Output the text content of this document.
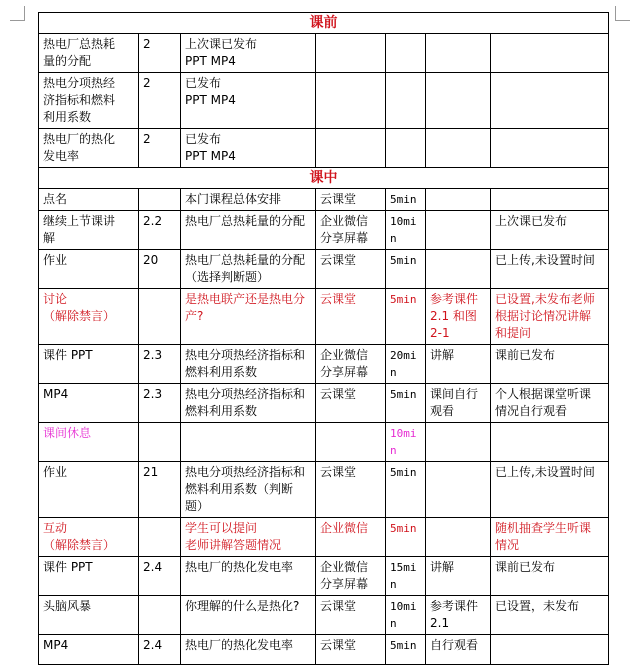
课前						

热电厂总热耗
量的分配	2	上次课已发布
PPT MP4				

热电分项热经
济指标和燃料
利用系数	2	已发布
PPT MP4				

热电厂的热化
发电率	2	已发布
PPT MP4				

课中						

点名		本门课程总体安排	云课堂	5min		

继续上节课讲
解	2.2	热电厂总热耗量的分配	企业微信
分享屏幕	10min		上次课已发布

作业	20	热电厂总热耗量的分配
（选择判断题）	云课堂	5min		已上传,未设置时间

讨论
（解除禁言）		是热电联产还是热电分
产?	云课堂	5min	参考课件
2.1 和图
2-1	已设置,未发布老师
根据讨论情况讲解
和提问

课件 PPT	2.3	热电分项热经济指标和
燃料利用系数	企业微信
分享屏幕	20min	讲解	课前已发布

MP4	2.3	热电分项热经济指标和
燃料利用系数	云课堂	5min	课间自行
观看	个人根据课堂听课
情况自行观看

课间休息				10min		

作业	21	热电分项热经济指标和
燃料利用系数（判断题）	云课堂	5min		已上传,未设置时间

互动
（解除禁言）		学生可以提问
老师讲解答题情况	企业微信	5min		随机抽查学生听课
情况

课件 PPT	2.4	热电厂的热化发电率	企业微信
分享屏幕	15min	讲解	课前已发布

头脑风暴		你理解的什么是热化?	云课堂	10min	参考课件
2.1	已设置，未发布

MP4	2.4	热电厂的热化发电率	云课堂	5min	自行观看	
